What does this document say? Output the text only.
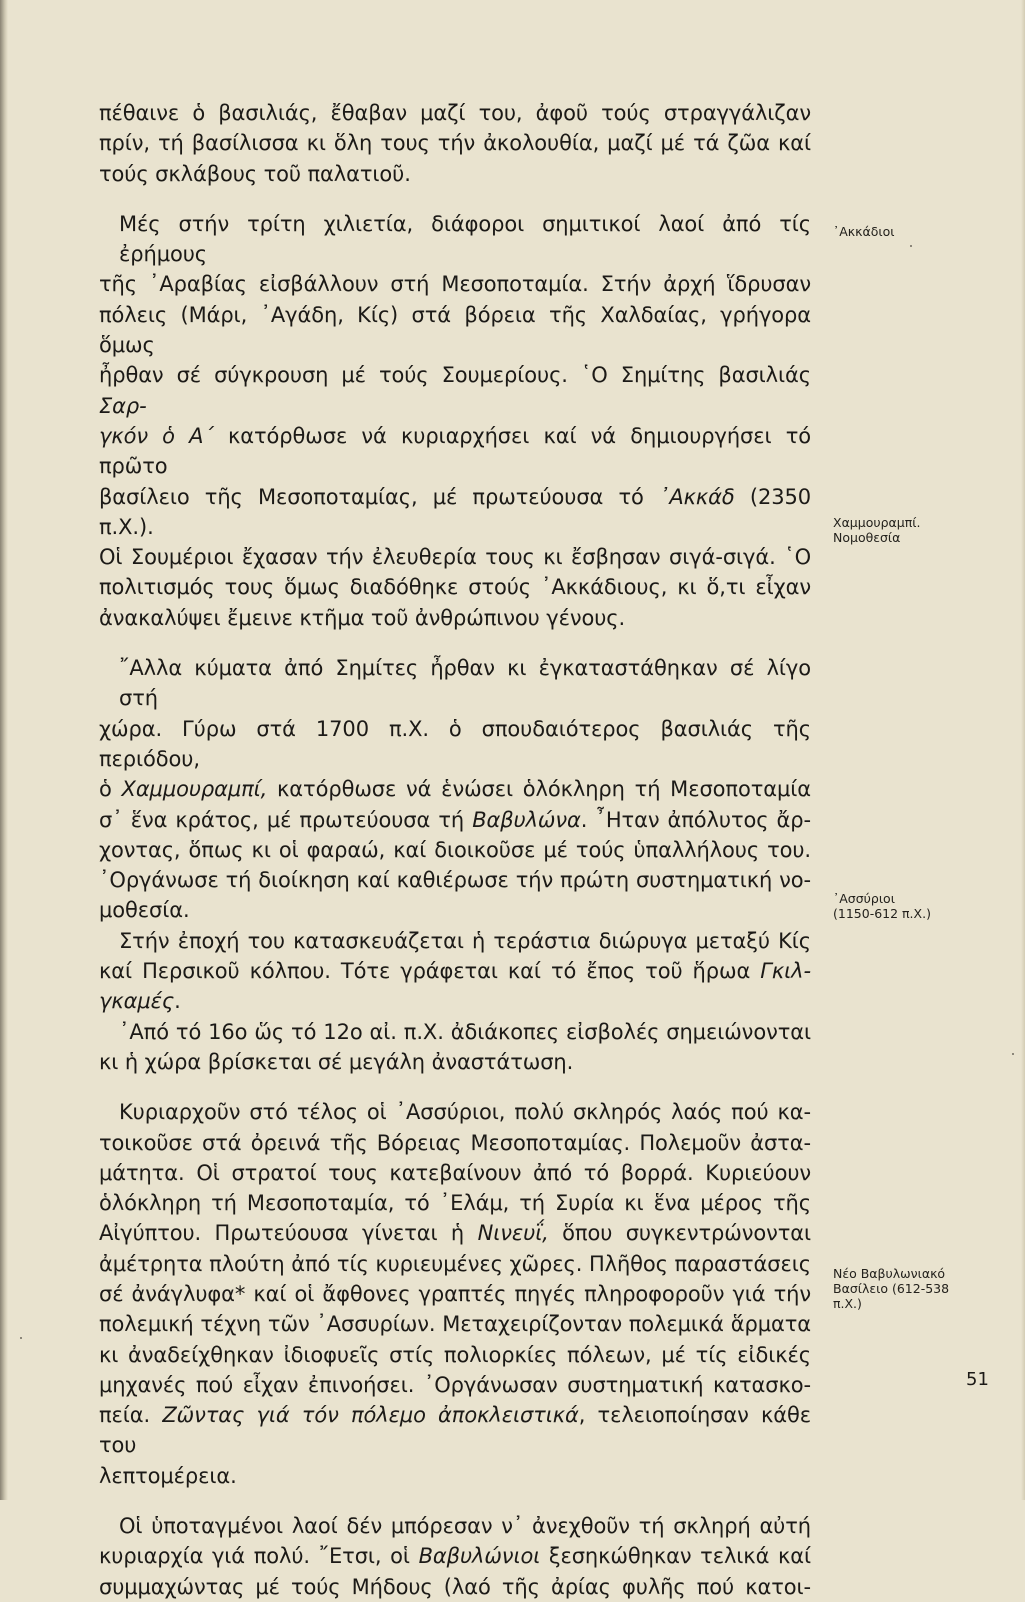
πέθαινε ὁ βασιλιάς, ἔθαβαν μαζί του, ἀφοῦ τούς στραγγάλιζαν
πρίν, τή βασίλισσα κι ὅλη τους τήν ἀκολουθία, μαζί μέ τά ζῶα καί
τούς σκλάβους τοῦ παλατιοῦ.

Μές στήν τρίτη χιλιετία, διάφοροι σημιτικοί λαοί ἀπό τίς ἐρήμους
τῆς ᾿Αραβίας εἰσβάλλουν στή Μεσοποταμία. Στήν ἀρχή ἵδρυσαν
πόλεις (Μάρι, ᾿Αγάδη, Κίς) στά βόρεια τῆς Χαλδαίας, γρήγορα ὅμως
ἦρθαν σέ σύγκρουση μέ τούς Σουμερίους. ῾Ο Σημίτης βασιλιάς Σαρ-
γκόν ὁ Α΄ κατόρθωσε νά κυριαρχήσει καί νά δημιουργήσει τό πρῶτο
βασίλειο τῆς Μεσοποταμίας, μέ πρωτεύουσα τό ᾿Ακκάδ (2350 π.Χ.).
Οἱ Σουμέριοι ἔχασαν τήν ἐλευθερία τους κι ἔσβησαν σιγά-σιγά. ῾Ο
πολιτισμός τους ὅμως διαδόθηκε στούς ᾿Ακκάδιους, κι ὅ,τι εἶχαν
ἀνακαλύψει ἔμεινε κτῆμα τοῦ ἀνθρώπινου γένους.

῎Αλλα κύματα ἀπό Σημίτες ἦρθαν κι ἐγκαταστάθηκαν σέ λίγο στή
χώρα. Γύρω στά 1700 π.Χ. ὁ σπουδαιότερος βασιλιάς τῆς περιόδου,
ὁ Χαμμουραμπί, κατόρθωσε νά ἑνώσει ὁλόκληρη τή Μεσοποταμία
σ᾿ ἕνα κράτος, μέ πρωτεύουσα τή Βαβυλώνα. ῏Ηταν ἀπόλυτος ἄρ-
χοντας, ὅπως κι οἱ φαραώ, καί διοικοῦσε μέ τούς ὑπαλλήλους του.
᾿Οργάνωσε τή διοίκηση καί καθιέρωσε τήν πρώτη συστηματική νο-
μοθεσία.

Στήν ἐποχή του κατασκευάζεται ἡ τεράστια διώρυγα μεταξύ Κίς
καί Περσικοῦ κόλπου. Τότε γράφεται καί τό ἔπος τοῦ ἥρωα Γκιλ-
γκαμές.

᾿Από τό 16ο ὥς τό 12ο αἰ. π.Χ. ἀδιάκοπες εἰσβολές σημειώνονται
κι ἡ χώρα βρίσκεται σέ μεγάλη ἀναστάτωση.

Κυριαρχοῦν στό τέλος οἱ ᾿Ασσύριοι, πολύ σκληρός λαός πού κα-
τοικοῦσε στά ὀρεινά τῆς Βόρειας Μεσοποταμίας. Πολεμοῦν ἀστα-
μάτητα. Οἱ στρατοί τους κατεβαίνουν ἀπό τό βορρά. Κυριεύουν
ὁλόκληρη τή Μεσοποταμία, τό ᾿Ελάμ, τή Συρία κι ἕνα μέρος τῆς
Αἰγύπτου. Πρωτεύουσα γίνεται ἡ Νινευΐ, ὅπου συγκεντρώνονται
ἀμέτρητα πλούτη ἀπό τίς κυριευμένες χῶρες. Πλῆθος παραστάσεις
σέ ἀνάγλυφα* καί οἱ ἄφθονες γραπτές πηγές πληροφοροῦν γιά τήν
πολεμική τέχνη τῶν ᾿Ασσυρίων. Μεταχειρίζονταν πολεμικά ἅρματα
κι ἀναδείχθηκαν ἰδιοφυεῖς στίς πολιορκίες πόλεων, μέ τίς εἰδικές
μηχανές πού εἶχαν ἐπινοήσει. ᾿Οργάνωσαν συστηματική κατασκο-
πεία. Ζῶντας γιά τόν πόλεμο ἀποκλειστικά, τελειοποίησαν κάθε του
λεπτομέρεια.

Οἱ ὑποταγμένοι λαοί δέν μπόρεσαν ν᾿ ἀνεχθοῦν τή σκληρή αὐτή
κυριαρχία γιά πολύ. ῎Ετσι, οἱ Βαβυλώνιοι ξεσηκώθηκαν τελικά καί
συμμαχώντας μέ τούς Μήδους (λαό τῆς ἀρίας φυλῆς πού κατοι-

᾿Ακκάδιοι
Χαμμουραμπί.
Νομοθεσία
᾿Ασσύριοι
(1150-612 π.Χ.)
Νέο Βαβυλωνιακό
Βασίλειο (612-538
π.Χ.)
51
